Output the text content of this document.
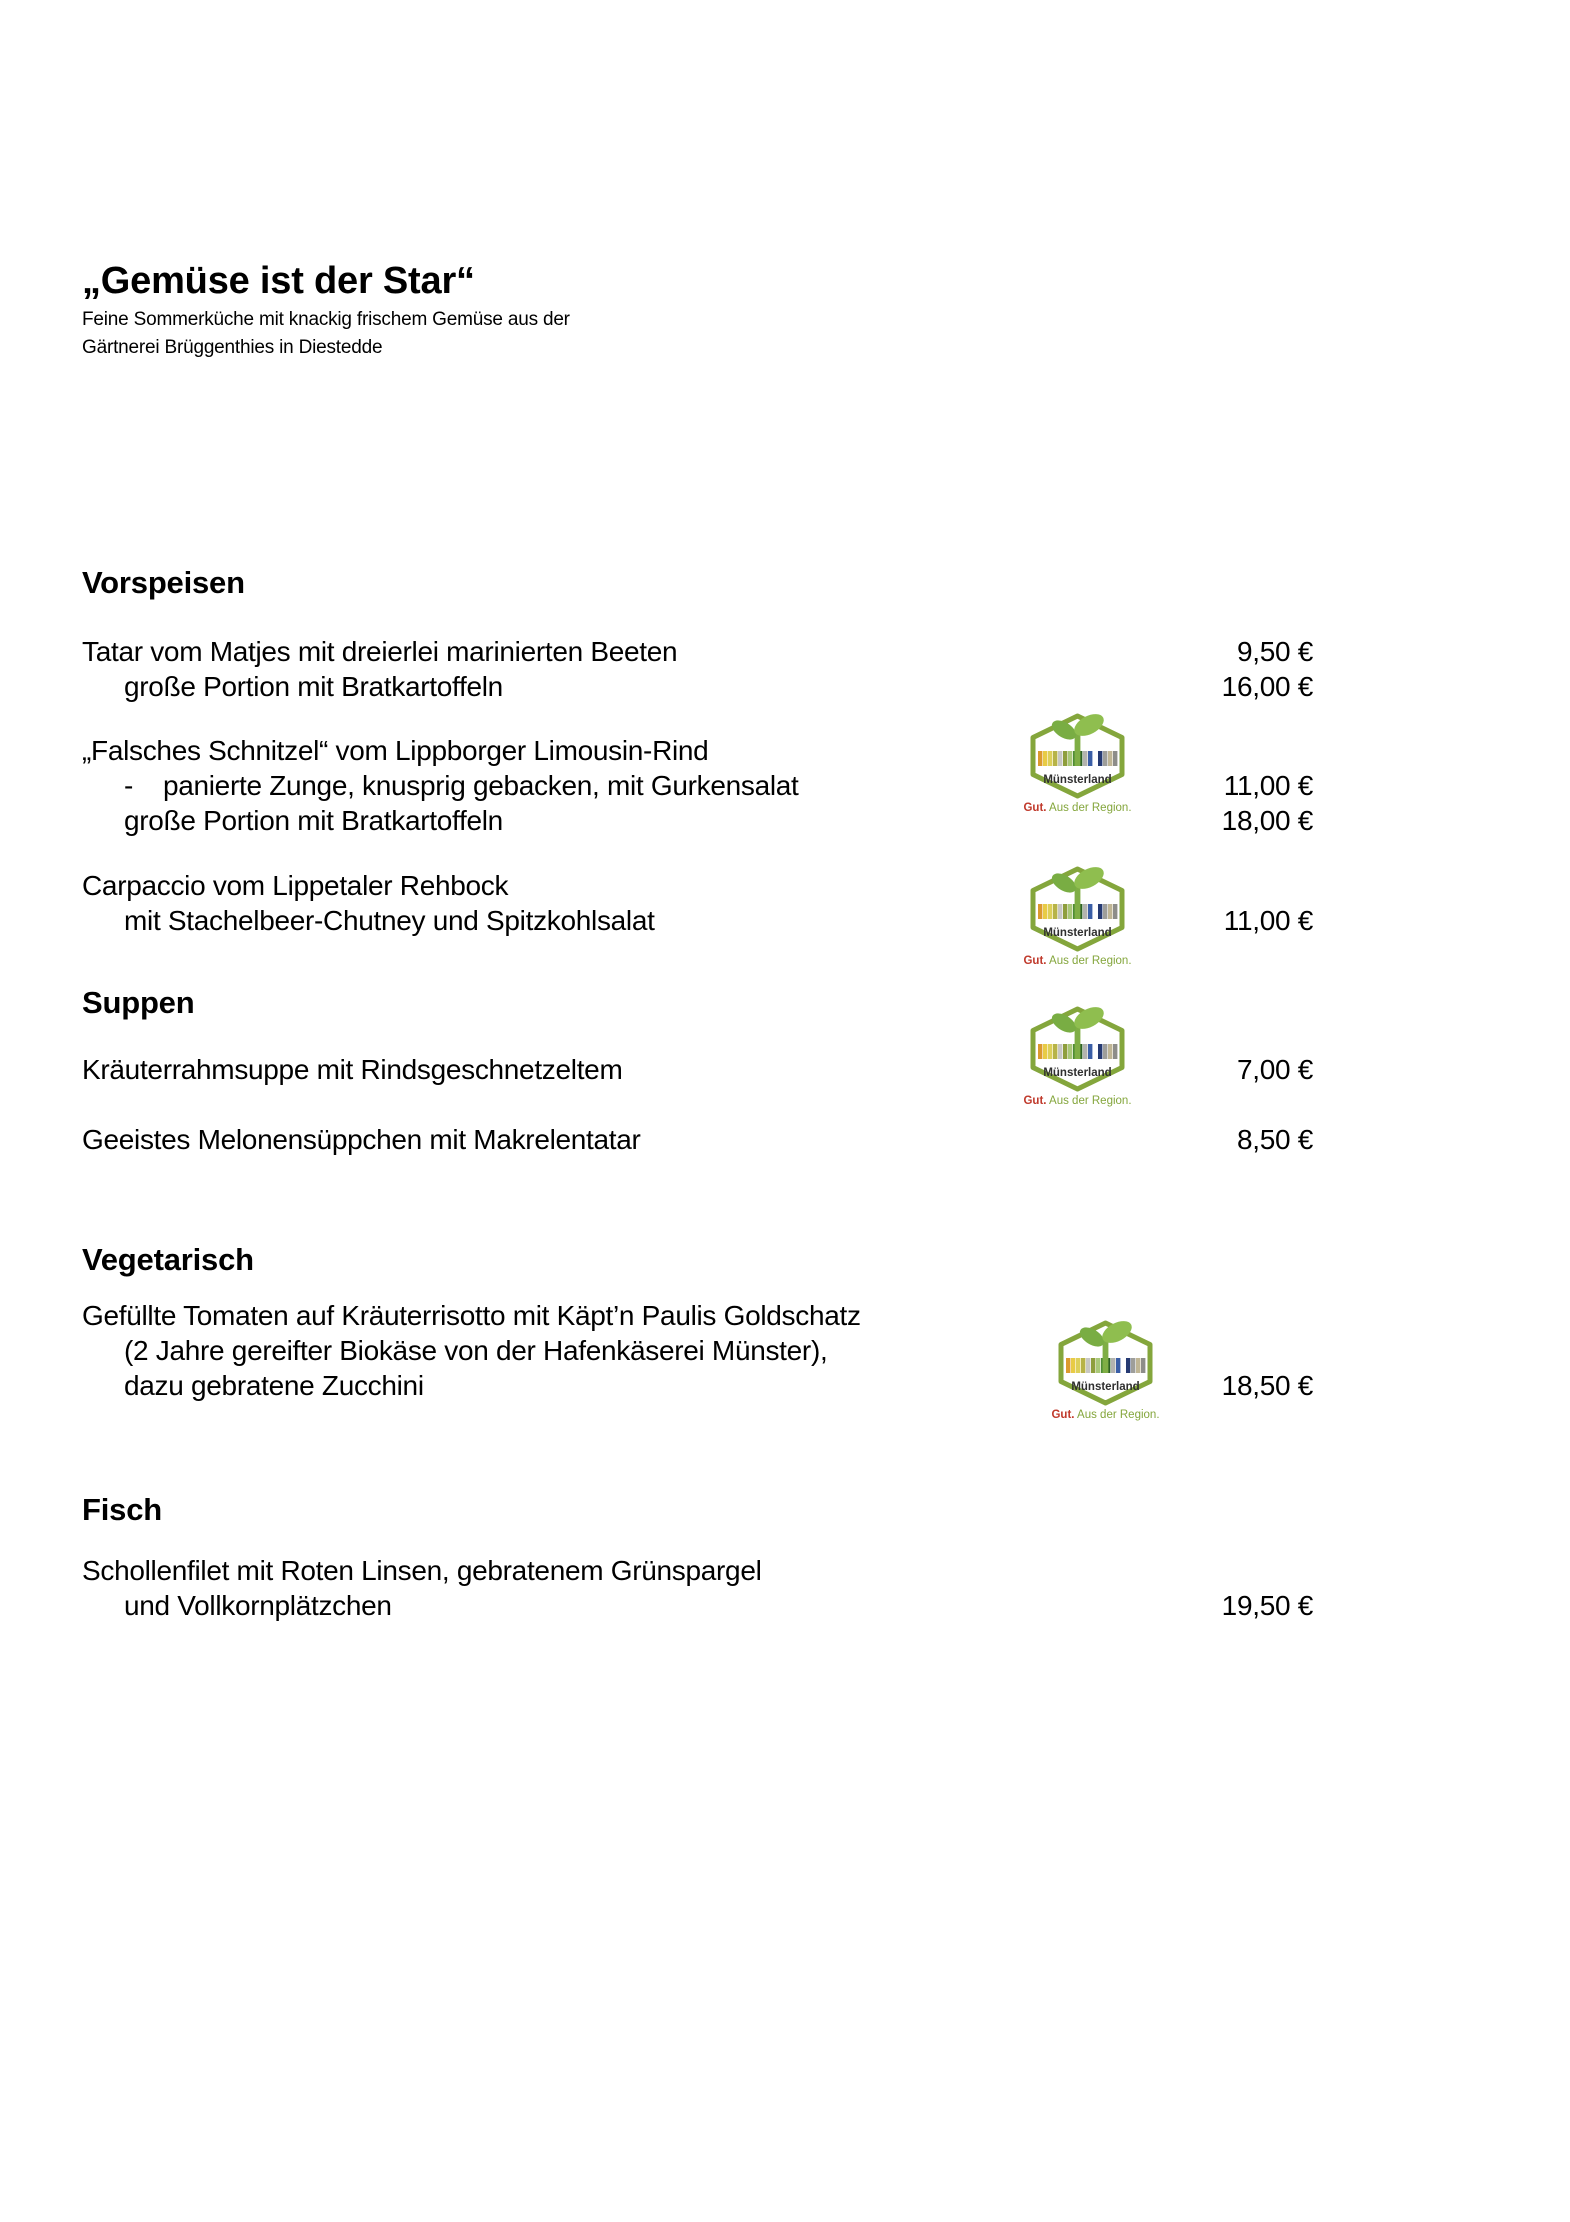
„Gemüse ist der Star“
Feine Sommerküche mit knackig frischem Gemüse aus der
Gärtnerei Brüggenthies in Diestedde
Vorspeisen
Tatar vom Matjes mit dreierlei marinierten Beeten	9,50 €
große Portion mit Bratkartoffeln	16,00 €
„Falsches Schnitzel“ vom Lippborger Limousin-Rind
-    panierte Zunge, knusprig gebacken, mit Gurkensalat	11,00 €
große Portion mit Bratkartoffeln	18,00 €
Gut. Aus der Region.
Carpaccio vom Lippetaler Rehbock
mit Stachelbeer-Chutney und Spitzkohlsalat	11,00 €
Gut. Aus der Region.
Suppen
Kräuterrahmsuppe mit Rindsgeschnetzeltem	7,00 €
Gut. Aus der Region.
Geeistes Melonensüppchen mit Makrelentatar	8,50 €
Vegetarisch
Gefüllte Tomaten auf Kräuterrisotto mit Käpt’n Paulis Goldschatz
(2 Jahre gereifter Biokäse von der Hafenkäserei Münster),
dazu gebratene Zucchini	18,50 €
Gut. Aus der Region.
Fisch
Schollenfilet mit Roten Linsen, gebratenem Grünspargel
und Vollkornplätzchen	19,50 €
